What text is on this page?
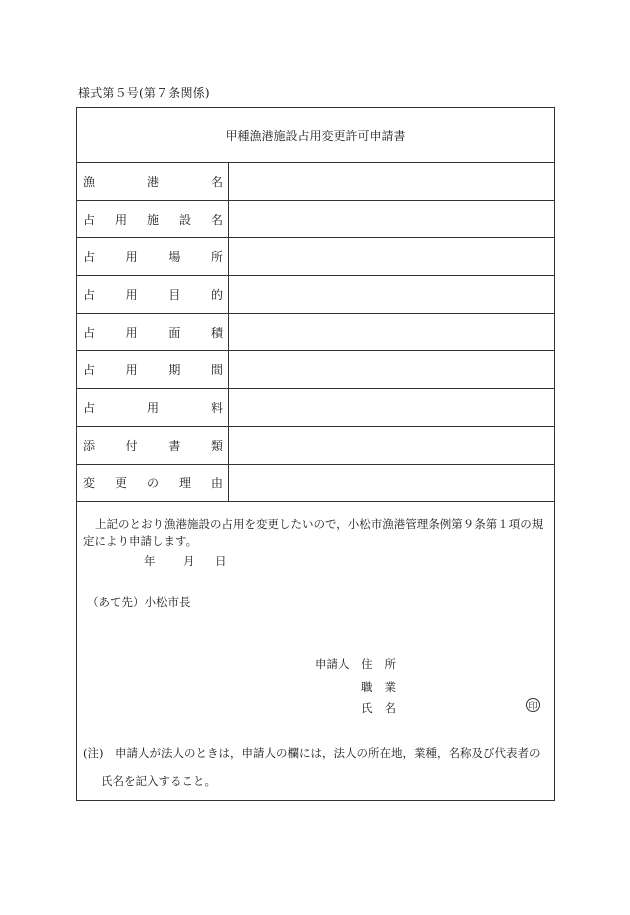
様式第５号(第７条関係)
甲種漁港施設占用変更許可申請書
漁	港	名
占 用 施 設 名
占	用	場	所
占	用	目	的
占	用	面	積
占	用	期	間
占	用	料
添	付	書	類
変 更 の 理 由
上記のとおり漁港施設の占用を変更したいので，小松市漁港管理条例第９条第１項の規定により申請します。
年 月 日
（あて先）小松市長
申請人 住所
職業
氏名	印
(注)　申請人が法人のときは，申請人の欄には，法人の所在地，業種，名称及び代表者の
氏名を記入すること。
